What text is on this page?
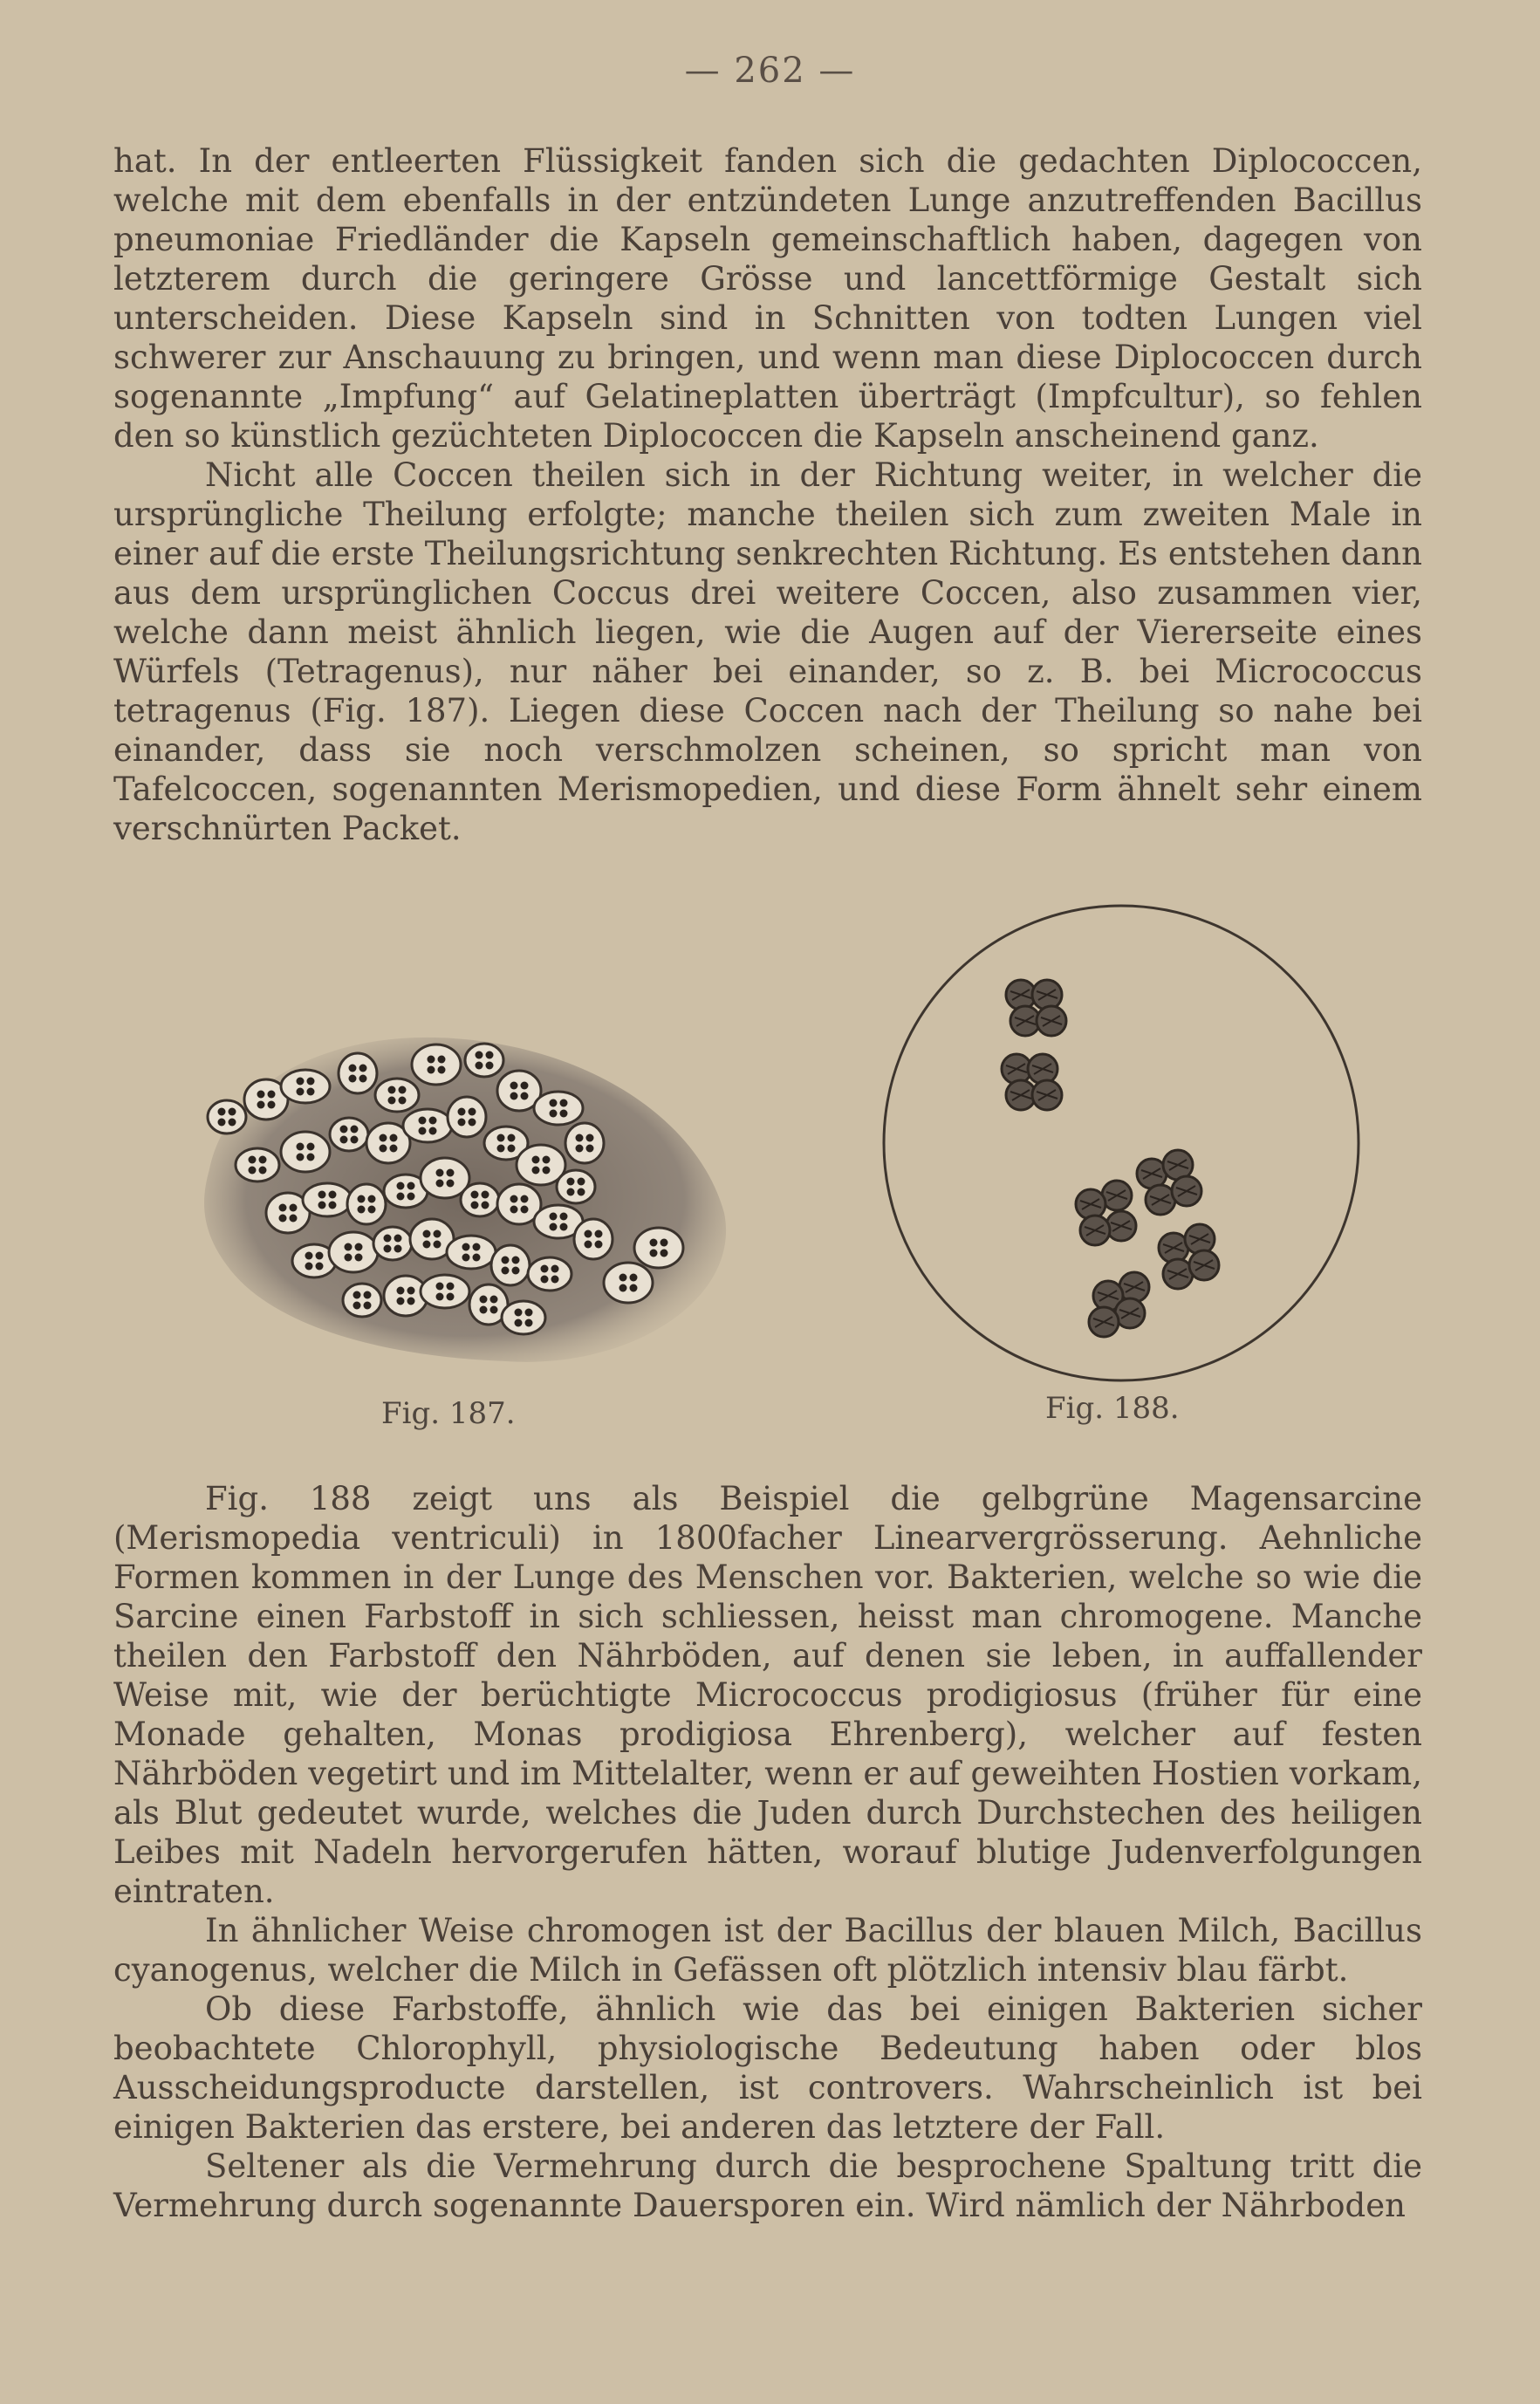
— 262 —

hat. In der entleerten Flüssigkeit fanden sich die gedachten Diplococcen, welche mit dem ebenfalls in der entzündeten Lunge anzutreffenden Bacillus pneumoniae Friedländer die Kapseln gemeinschaftlich haben, dagegen von letzterem durch die geringere Grösse und lancettförmige Gestalt sich unterscheiden. Diese Kapseln sind in Schnitten von todten Lungen viel schwerer zur Anschauung zu bringen, und wenn man diese Diplococcen durch sogenannte „Impfung“ auf Gelatineplatten überträgt (Impfcultur), so fehlen den so künstlich gezüchteten Diplococcen die Kapseln anscheinend ganz.

Nicht alle Coccen theilen sich in der Richtung weiter, in welcher die ursprüngliche Theilung erfolgte; manche theilen sich zum zweiten Male in einer auf die erste Theilungsrichtung senkrechten Richtung. Es entstehen dann aus dem ursprünglichen Coccus drei weitere Coccen, also zusammen vier, welche dann meist ähnlich liegen, wie die Augen auf der Viererseite eines Würfels (Tetragenus), nur näher bei einander, so z. B. bei Micrococcus tetragenus (Fig. 187). Liegen diese Coccen nach der Theilung so nahe bei einander, dass sie noch verschmolzen scheinen, so spricht man von Tafelcoccen, sogenannten Merismopedien, und diese Form ähnelt sehr einem verschnürten Packet.

Fig. 187.	Fig. 188.

Fig. 188 zeigt uns als Beispiel die gelbgrüne Magensarcine (Merismopedia ventriculi) in 1800facher Linearvergrösserung. Aehnliche Formen kommen in der Lunge des Menschen vor. Bakterien, welche so wie die Sarcine einen Farbstoff in sich schliessen, heisst man chromogene. Manche theilen den Farbstoff den Nährböden, auf denen sie leben, in auffallender Weise mit, wie der berüchtigte Micrococcus prodigiosus (früher für eine Monade gehalten, Monas prodigiosa Ehrenberg), welcher auf festen Nährböden vegetirt und im Mittelalter, wenn er auf geweihten Hostien vorkam, als Blut gedeutet wurde, welches die Juden durch Durchstechen des heiligen Leibes mit Nadeln hervorgerufen hätten, worauf blutige Judenverfolgungen eintraten.

In ähnlicher Weise chromogen ist der Bacillus der blauen Milch, Bacillus cyanogenus, welcher die Milch in Gefässen oft plötzlich intensiv blau färbt.

Ob diese Farbstoffe, ähnlich wie das bei einigen Bakterien sicher beobachtete Chlorophyll, physiologische Bedeutung haben oder blos Ausscheidungsproducte darstellen, ist controvers. Wahrscheinlich ist bei einigen Bakterien das erstere, bei anderen das letztere der Fall.

Seltener als die Vermehrung durch die besprochene Spaltung tritt die Vermehrung durch sogenannte Dauersporen ein. Wird nämlich der Nährboden
